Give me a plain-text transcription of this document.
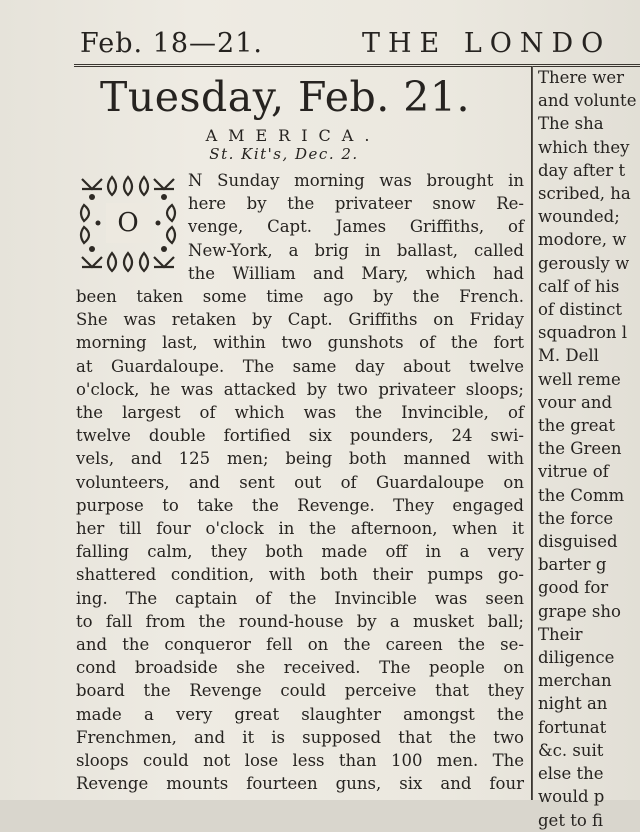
Feb. 18—21.	THE LONDO
Tuesday, Feb. 21.
AMERICA.
St. Kit's, Dec. 2.
O
N Sunday morning was brought in
here by the privateer snow Re-
venge, Capt. James Griffiths, of
New-York, a brig in ballast, called
the William and Mary, which had
been taken some time ago by the French.
She was retaken by Capt. Griffiths on Friday
morning last, within two gunshots of the fort
at Guardaloupe. The same day about twelve
o'clock, he was attacked by two privateer sloops;
the largest of which was the Invincible, of
twelve double fortified six pounders, 24 swi-
vels, and 125 men; being both manned with
volunteers, and sent out of Guardaloupe on
purpose to take the Revenge. They engaged
her till four o'clock in the afternoon, when it
falling calm, they both made off in a very
shattered condition, with both their pumps go-
ing. The captain of the Invincible was seen
to fall from the round-house by a musket ball;
and the conqueror fell on the careen the se-
cond broadside she received. The people on
board the Revenge could perceive that they
made a very great slaughter amongst the
Frenchmen, and it is supposed that the two
sloops could not lose less than 100 men. The
Revenge mounts fourteen guns, six and four
There wer
and volunte
The sha
which they
day after t
scribed, ha
wounded;
modore, w
gerously w
calf of his
of distinct
squadron l
M. Dell
well reme
vour and
the great
the Green
vitrue of
the Comm
the force
disguised
barter g
good for
grape sho
Their
diligence
merchan
night an
fortunat
&c. suit
else the
would p
get to fi
